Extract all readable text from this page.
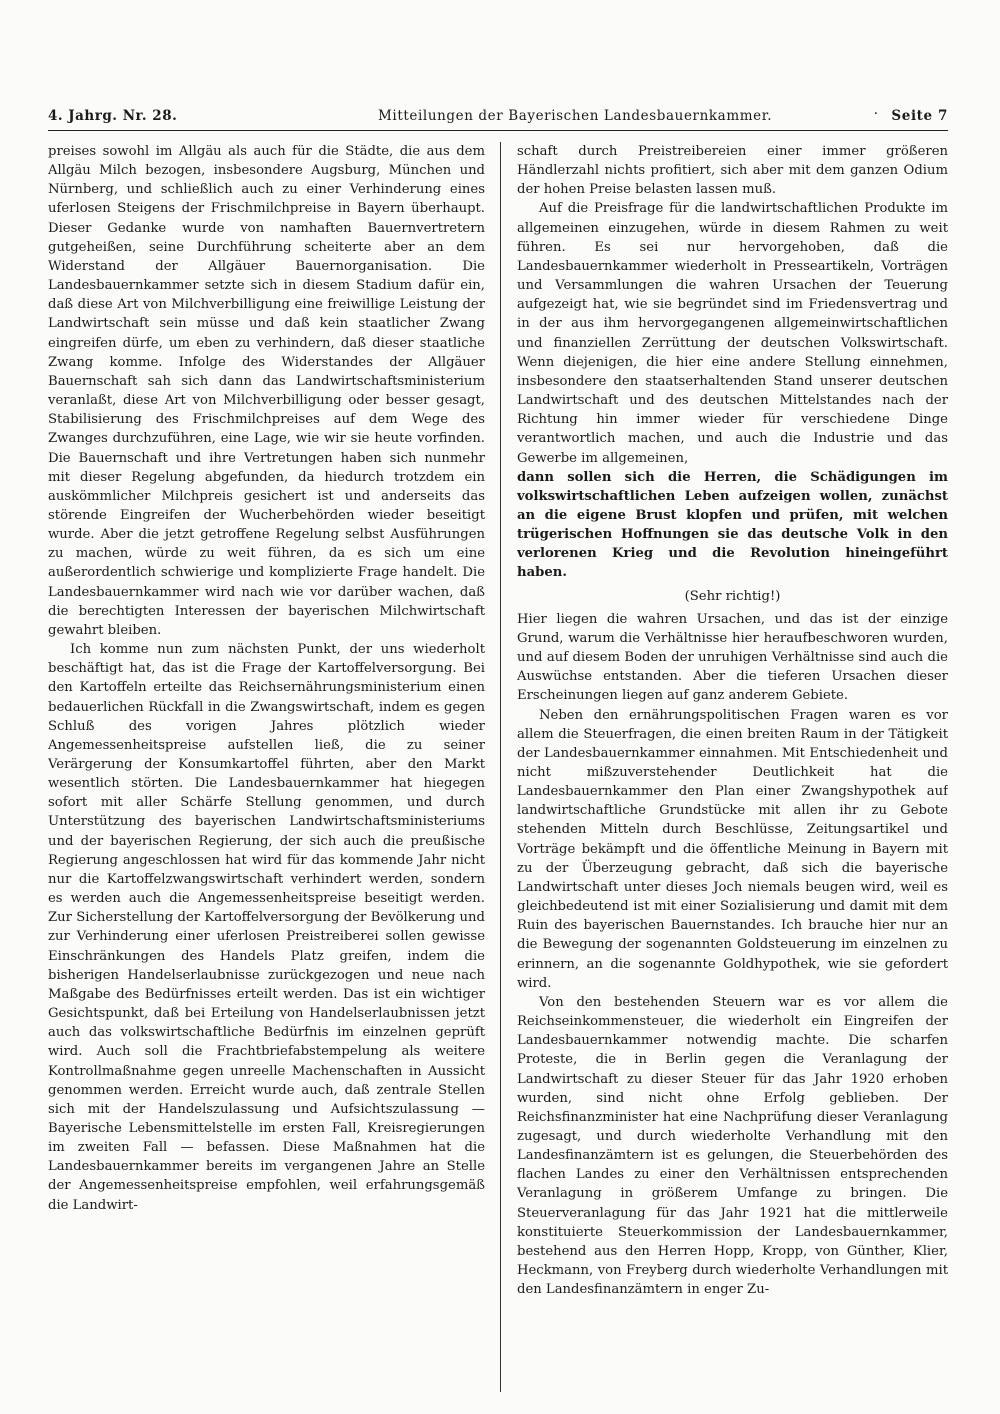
4. Jahrg. Nr. 28.	Mitteilungen der Bayerischen Landesbauernkammer.	· Seite 7

preises sowohl im Allgäu als auch für die Städte, die aus dem Allgäu Milch bezogen, insbesondere Augsburg, München und Nürnberg, und schließlich auch zu einer Verhinderung eines uferlosen Steigens der Frischmilchpreise in Bayern überhaupt. Dieser Gedanke wurde von namhaften Bauernvertretern gutgeheißen, seine Durchführung scheiterte aber an dem Widerstand der Allgäuer Bauernorganisation. Die Landesbauernkammer setzte sich in diesem Stadium dafür ein, daß diese Art von Milchverbilligung eine freiwillige Leistung der Landwirtschaft sein müsse und daß kein staatlicher Zwang eingreifen dürfe, um eben zu verhindern, daß dieser staatliche Zwang komme. Infolge des Widerstandes der Allgäuer Bauernschaft sah sich dann das Landwirtschaftsministerium veranlaßt, diese Art von Milchverbilligung oder besser gesagt, Stabilisierung des Frischmilchpreises auf dem Wege des Zwanges durchzuführen, eine Lage, wie wir sie heute vorfinden. Die Bauernschaft und ihre Vertretungen haben sich nunmehr mit dieser Regelung abgefunden, da hiedurch trotzdem ein auskömmlicher Milchpreis gesichert ist und anderseits das störende Eingreifen der Wucherbehörden wieder beseitigt wurde. Aber die jetzt getroffene Regelung selbst Ausführungen zu machen, würde zu weit führen, da es sich um eine außerordentlich schwierige und komplizierte Frage handelt. Die Landesbauernkammer wird nach wie vor darüber wachen, daß die berechtigten Interessen der bayerischen Milchwirtschaft gewahrt bleiben.

Ich komme nun zum nächsten Punkt, der uns wiederholt beschäftigt hat, das ist die Frage der Kartoffelversorgung. Bei den Kartoffeln erteilte das Reichsernährungsministerium einen bedauerlichen Rückfall in die Zwangswirtschaft, indem es gegen Schluß des vorigen Jahres plötzlich wieder Angemessenheitspreise aufstellen ließ, die zu seiner Verärgerung der Konsumkartoffel führten, aber den Markt wesentlich störten. Die Landesbauernkammer hat hiegegen sofort mit aller Schärfe Stellung genommen, und durch Unterstützung des bayerischen Landwirtschaftsministeriums und der bayerischen Regierung, der sich auch die preußische Regierung angeschlossen hat wird für das kommende Jahr nicht nur die Kartoffelzwangswirtschaft verhindert werden, sondern es werden auch die Angemessenheitspreise beseitigt werden. Zur Sicherstellung der Kartoffelversorgung der Bevölkerung und zur Verhinderung einer uferlosen Preistreiberei sollen gewisse Einschränkungen des Handels Platz greifen, indem die bisherigen Handelserlaubnisse zurückgezogen und neue nach Maßgabe des Bedürfnisses erteilt werden. Das ist ein wichtiger Gesichtspunkt, daß bei Erteilung von Handelserlaubnissen jetzt auch das volkswirtschaftliche Bedürfnis im einzelnen geprüft wird. Auch soll die Frachtbriefabstempelung als weitere Kontrollmaßnahme gegen unreelle Machenschaften in Aussicht genommen werden. Erreicht wurde auch, daß zentrale Stellen sich mit der Handelszulassung und Aufsichtszulassung — Bayerische Lebensmittelstelle im ersten Fall, Kreisregierungen im zweiten Fall — befassen. Diese Maßnahmen hat die Landesbauernkammer bereits im vergangenen Jahre an Stelle der Angemessenheitspreise empfohlen, weil erfahrungsgemäß die Landwirt-

schaft durch Preistreibereien einer immer größeren Händlerzahl nichts profitiert, sich aber mit dem ganzen Odium der hohen Preise belasten lassen muß.

Auf die Preisfrage für die landwirtschaftlichen Produkte im allgemeinen einzugehen, würde in diesem Rahmen zu weit führen. Es sei nur hervorgehoben, daß die Landesbauernkammer wiederholt in Presseartikeln, Vorträgen und Versammlungen die wahren Ursachen der Teuerung aufgezeigt hat, wie sie begründet sind im Friedensvertrag und in der aus ihm hervorgegangenen allgemeinwirtschaftlichen und finanziellen Zerrüttung der deutschen Volkswirtschaft. Wenn diejenigen, die hier eine andere Stellung einnehmen, insbesondere den staatserhaltenden Stand unserer deutschen Landwirtschaft und des deutschen Mittelstandes nach der Richtung hin immer wieder für verschiedene Dinge verantwortlich machen, und auch die Industrie und das Gewerbe im allgemeinen,

dann sollen sich die Herren, die Schädigungen im volkswirtschaftlichen Leben aufzeigen wollen, zunächst an die eigene Brust klopfen und prüfen, mit welchen trügerischen Hoffnungen sie das deutsche Volk in den verlorenen Krieg und die Revolution hineingeführt haben.

(Sehr richtig!)

Hier liegen die wahren Ursachen, und das ist der einzige Grund, warum die Verhältnisse hier heraufbeschworen wurden, und auf diesem Boden der unruhigen Verhältnisse sind auch die Auswüchse entstanden. Aber die tieferen Ursachen dieser Erscheinungen liegen auf ganz anderem Gebiete.

Neben den ernährungspolitischen Fragen waren es vor allem die Steuerfragen, die einen breiten Raum in der Tätigkeit der Landesbauernkammer einnahmen. Mit Entschiedenheit und nicht mißzuverstehender Deutlichkeit hat die Landesbauernkammer den Plan einer Zwangshypothek auf landwirtschaftliche Grundstücke mit allen ihr zu Gebote stehenden Mitteln durch Beschlüsse, Zeitungsartikel und Vorträge bekämpft und die öffentliche Meinung in Bayern mit zu der Überzeugung gebracht, daß sich die bayerische Landwirtschaft unter dieses Joch niemals beugen wird, weil es gleichbedeutend ist mit einer Sozialisierung und damit mit dem Ruin des bayerischen Bauernstandes. Ich brauche hier nur an die Bewegung der sogenannten Goldsteuerung im einzelnen zu erinnern, an die sogenannte Goldhypothek, wie sie gefordert wird.

Von den bestehenden Steuern war es vor allem die Reichseinkommensteuer, die wiederholt ein Eingreifen der Landesbauernkammer notwendig machte. Die scharfen Proteste, die in Berlin gegen die Veranlagung der Landwirtschaft zu dieser Steuer für das Jahr 1920 erhoben wurden, sind nicht ohne Erfolg geblieben. Der Reichsfinanzminister hat eine Nachprüfung dieser Veranlagung zugesagt, und durch wiederholte Verhandlung mit den Landesfinanzämtern ist es gelungen, die Steuerbehörden des flachen Landes zu einer den Verhältnissen entsprechenden Veranlagung in größerem Umfange zu bringen. Die Steuerveranlagung für das Jahr 1921 hat die mittlerweile konstituierte Steuerkommission der Landesbauernkammer, bestehend aus den Herren Hopp, Kropp, von Günther, Klier, Heckmann, von Freyberg durch wiederholte Verhandlungen mit den Landesfinanzämtern in enger Zu-
